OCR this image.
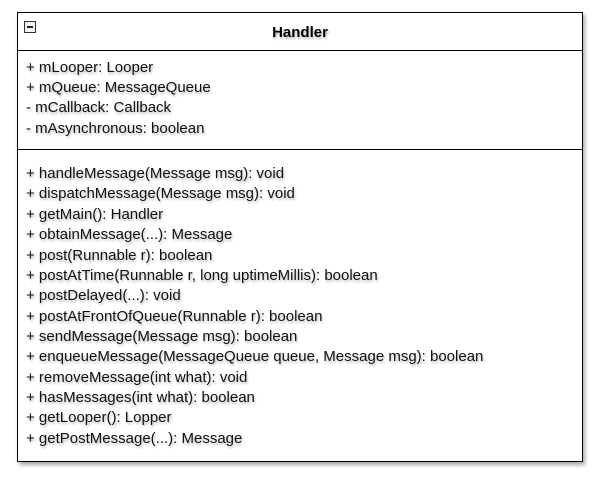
Handler
+ mLooper: Looper
+ mQueue: MessageQueue
- mCallback: Callback
- mAsynchronous: boolean
+ handleMessage(Message msg): void
+ dispatchMessage(Message msg): void
+ getMain(): Handler
+ obtainMessage(...): Message
+ post(Runnable r): boolean
+ postAtTime(Runnable r, long uptimeMillis): boolean
+ postDelayed(...): void
+ postAtFrontOfQueue(Runnable r): boolean
+ sendMessage(Message msg): boolean
+ enqueueMessage(MessageQueue queue, Message msg): boolean
+ removeMessage(int what): void
+ hasMessages(int what): boolean
+ getLooper(): Lopper
+ getPostMessage(...): Message
